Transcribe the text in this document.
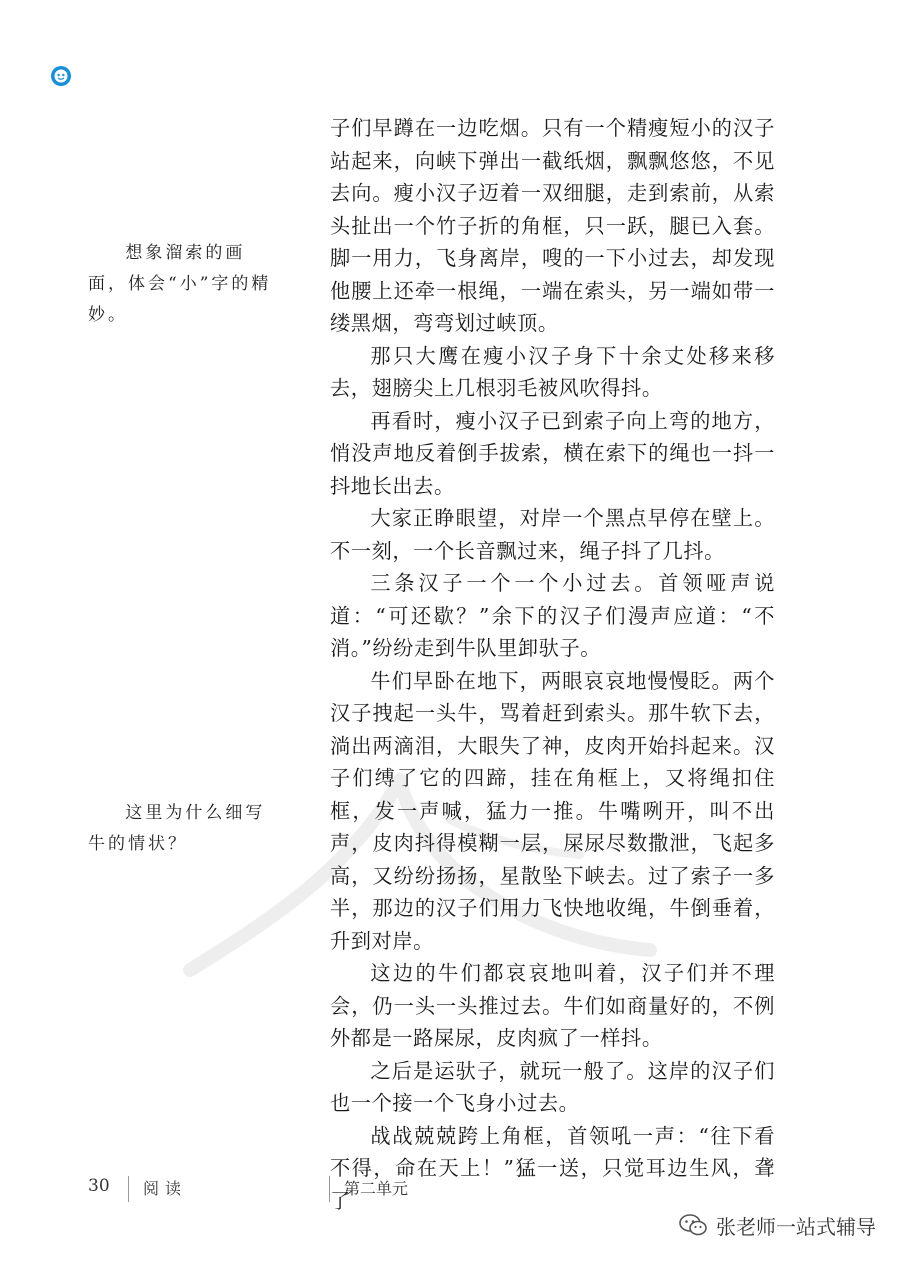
想象溜索的画面，体会“小”字的精妙。

这里为什么细写牛的情状？

子们早蹲在一边吃烟。只有一个精瘦短小的汉子站起来，向峡下弹出一截纸烟，飘飘悠悠，不见去向。瘦小汉子迈着一双细腿，走到索前，从索头扯出一个竹子折的角框，只一跃，腿已入套。脚一用力，飞身离岸，嗖的一下小过去，却发现他腰上还牵一根绳，一端在索头，另一端如带一缕黑烟，弯弯划过峡顶。

那只大鹰在瘦小汉子身下十余丈处移来移去，翅膀尖上几根羽毛被风吹得抖。

再看时，瘦小汉子已到索子向上弯的地方，悄没声地反着倒手拔索，横在索下的绳也一抖一抖地长出去。

大家正睁眼望，对岸一个黑点早停在壁上。不一刻，一个长音飘过来，绳子抖了几抖。

三条汉子一个一个小过去。首领哑声说道：“可还歇？”余下的汉子们漫声应道：“不消。”纷纷走到牛队里卸驮子。

牛们早卧在地下，两眼哀哀地慢慢眨。两个汉子拽起一头牛，骂着赶到索头。那牛软下去，淌出两滴泪，大眼失了神，皮肉开始抖起来。汉子们缚了它的四蹄，挂在角框上，又将绳扣住框，发一声喊，猛力一推。牛嘴咧开，叫不出声，皮肉抖得模糊一层，屎尿尽数撒泄，飞起多高，又纷纷扬扬，星散坠下峡去。过了索子一多半，那边的汉子们用力飞快地收绳，牛倒垂着，升到对岸。

这边的牛们都哀哀地叫着，汉子们并不理会，仍一头一头推过去。牛们如商量好的，不例外都是一路屎尿，皮肉疯了一样抖。

之后是运驮子，就玩一般了。这岸的汉子们也一个接一个飞身小过去。

战战兢兢跨上角框，首领吼一声：“往下看不得，命在天上！”猛一送，只觉耳边生风，聋了

30 阅读	第二单元
张老师一站式辅导
